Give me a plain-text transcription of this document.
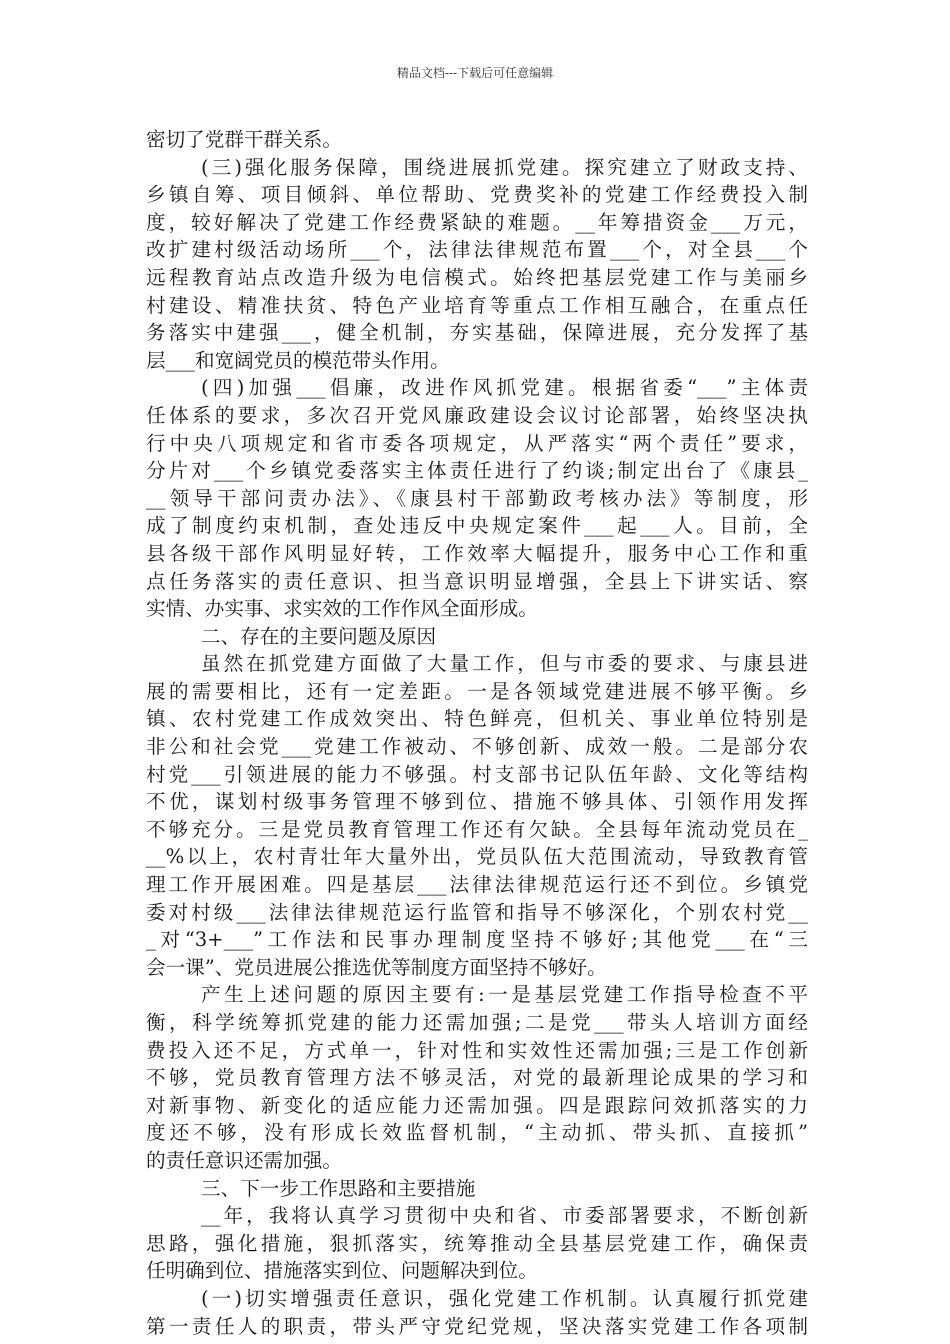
精品文档---下载后可任意编辑
密切了党群干群关系。
(三)强化服务保障，围绕进展抓党建。探究建立了财政支持、
乡镇自筹、项目倾斜、单位帮助、党费奖补的党建工作经费投入制
度，较好解决了党建工作经费紧缺的难题。__年筹措资金___万元，
改扩建村级活动场所___个，法律法律规范布置___个，对全县___个
远程教育站点改造升级为电信模式。始终把基层党建工作与美丽乡
村建设、精准扶贫、特色产业培育等重点工作相互融合，在重点任
务落实中建强___，健全机制，夯实基础，保障进展，充分发挥了基
层___和宽阔党员的模范带头作用。
(四)加强___倡廉，改进作风抓党建。根据省委“___”主体责
任体系的要求，多次召开党风廉政建设会议讨论部署，始终坚决执
行中央八项规定和省市委各项规定，从严落实“两个责任”要求，
分片对___个乡镇党委落实主体责任进行了约谈;制定出台了《康县_
__领导干部问责办法》、《康县村干部勤政考核办法》等制度，形
成了制度约束机制，查处违反中央规定案件___起___人。目前，全
县各级干部作风明显好转，工作效率大幅提升，服务中心工作和重
点任务落实的责任意识、担当意识明显增强，全县上下讲实话、察
实情、办实事、求实效的工作作风全面形成。
二、存在的主要问题及原因
虽然在抓党建方面做了大量工作，但与市委的要求、与康县进
展的需要相比，还有一定差距。一是各领域党建进展不够平衡。乡
镇、农村党建工作成效突出、特色鲜亮，但机关、事业单位特别是
非公和社会党___党建工作被动、不够创新、成效一般。二是部分农
村党___引领进展的能力不够强。村支部书记队伍年龄、文化等结构
不优，谋划村级事务管理不够到位、措施不够具体、引领作用发挥
不够充分。三是党员教育管理工作还有欠缺。全县每年流动党员在_
__%以上，农村青壮年大量外出，党员队伍大范围流动，导致教育管
理工作开展困难。四是基层___法律法律规范运行还不到位。乡镇党
委对村级___法律法律规范运行监管和指导不够深化，个别农村党__
_对“3+___”工作法和民事办理制度坚持不够好;其他党___在“三
会一课”、党员进展公推选优等制度方面坚持不够好。
产生上述问题的原因主要有:一是基层党建工作指导检查不平
衡，科学统筹抓党建的能力还需加强;二是党___带头人培训方面经
费投入还不足，方式单一，针对性和实效性还需加强;三是工作创新
不够，党员教育管理方法不够灵活，对党的最新理论成果的学习和
对新事物、新变化的适应能力还需加强。四是跟踪问效抓落实的力
度还不够，没有形成长效监督机制，“主动抓、带头抓、直接抓”
的责任意识还需加强。
三、下一步工作思路和主要措施
__年，我将认真学习贯彻中央和省、市委部署要求，不断创新
思路，强化措施，狠抓落实，统筹推动全县基层党建工作，确保责
任明确到位、措施落实到位、问题解决到位。
(一)切实增强责任意识，强化党建工作机制。认真履行抓党建
第一责任人的职责，带头严守党纪党规，坚决落实党建工作各项制
